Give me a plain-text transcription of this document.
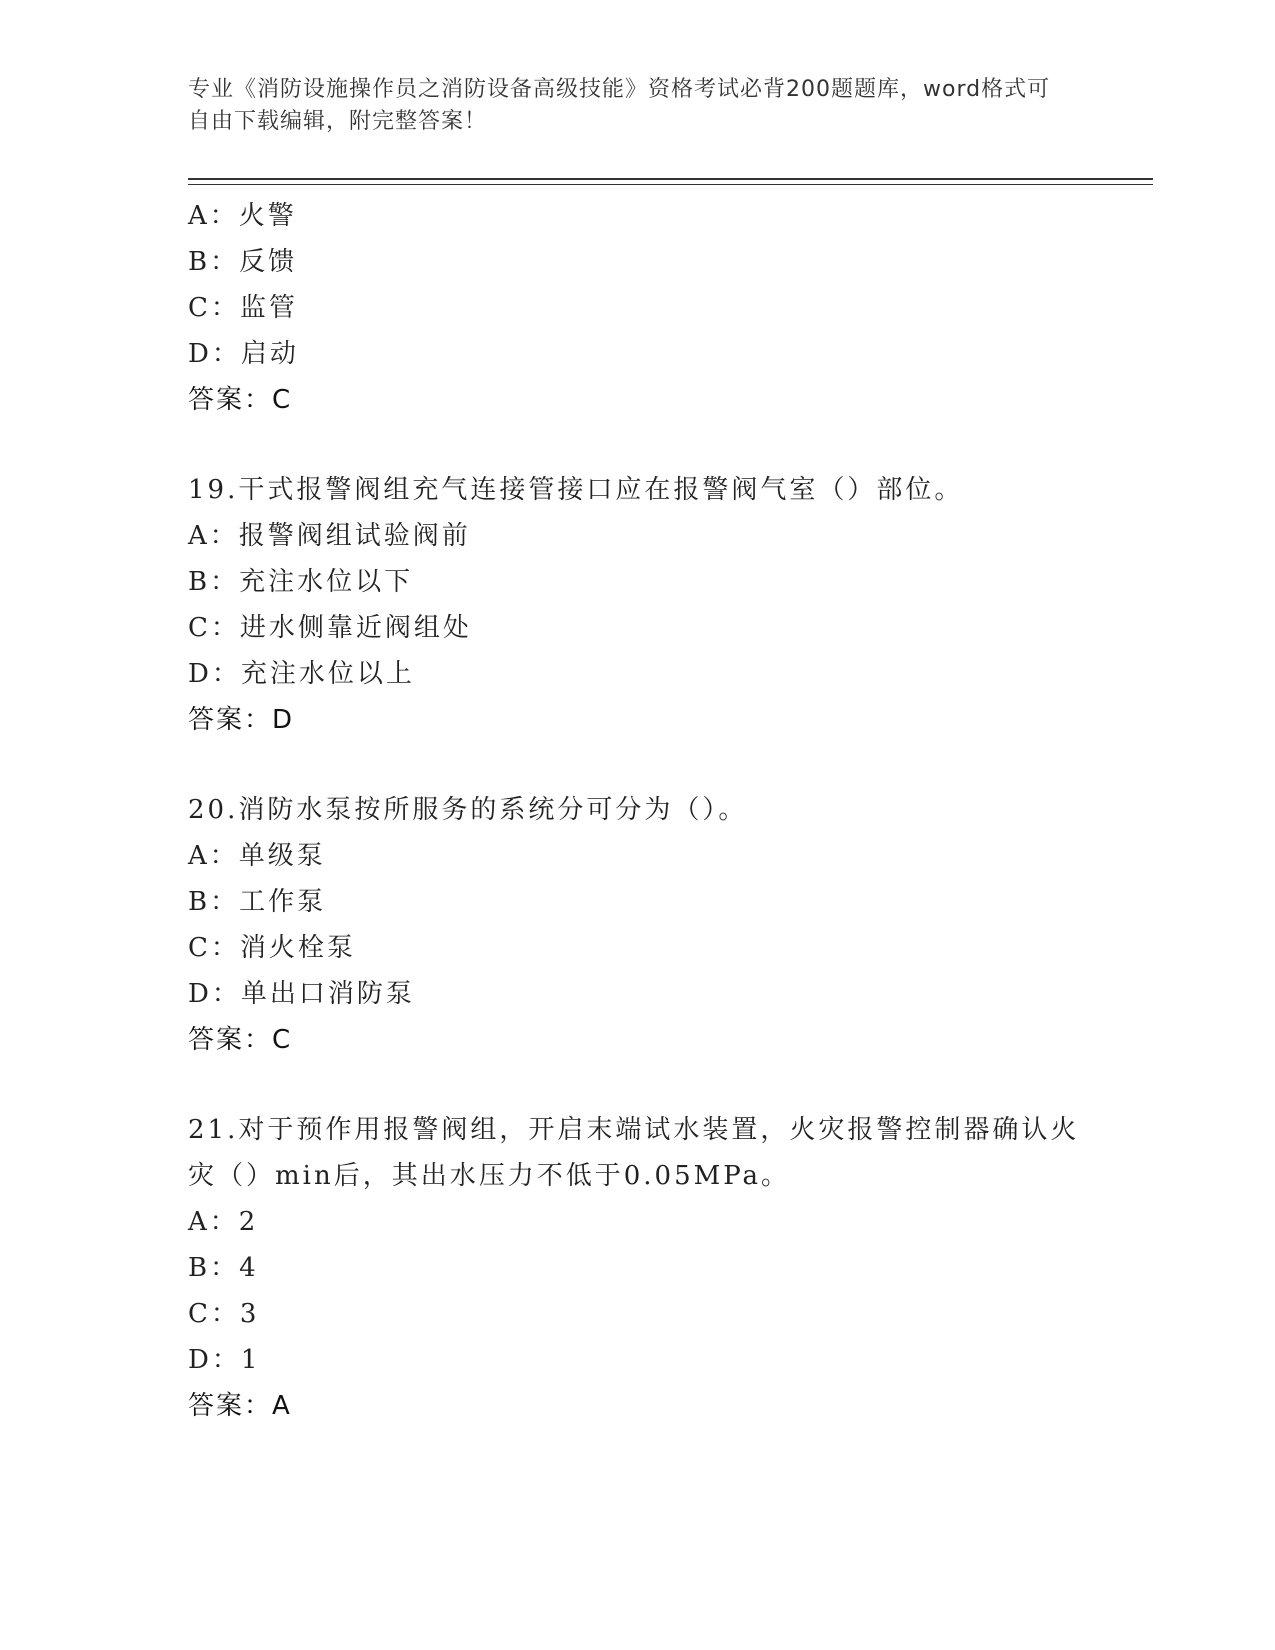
专业《消防设施操作员之消防设备高级技能》资格考试必背200题题库，word格式可自由下载编辑，附完整答案！
A：火警
B：反馈
C：监管
D：启动
答案：C
19.干式报警阀组充气连接管接口应在报警阀气室（）部位。
A：报警阀组试验阀前
B：充注水位以下
C：进水侧靠近阀组处
D：充注水位以上
答案：D
20.消防水泵按所服务的系统分可分为（）。
A：单级泵
B：工作泵
C：消火栓泵
D：单出口消防泵
答案：C
21.对于预作用报警阀组，开启末端试水装置，火灾报警控制器确认火
灾（）min后，其出水压力不低于0.05MPa。
A：2
B：4
C：3
D：1
答案：A
